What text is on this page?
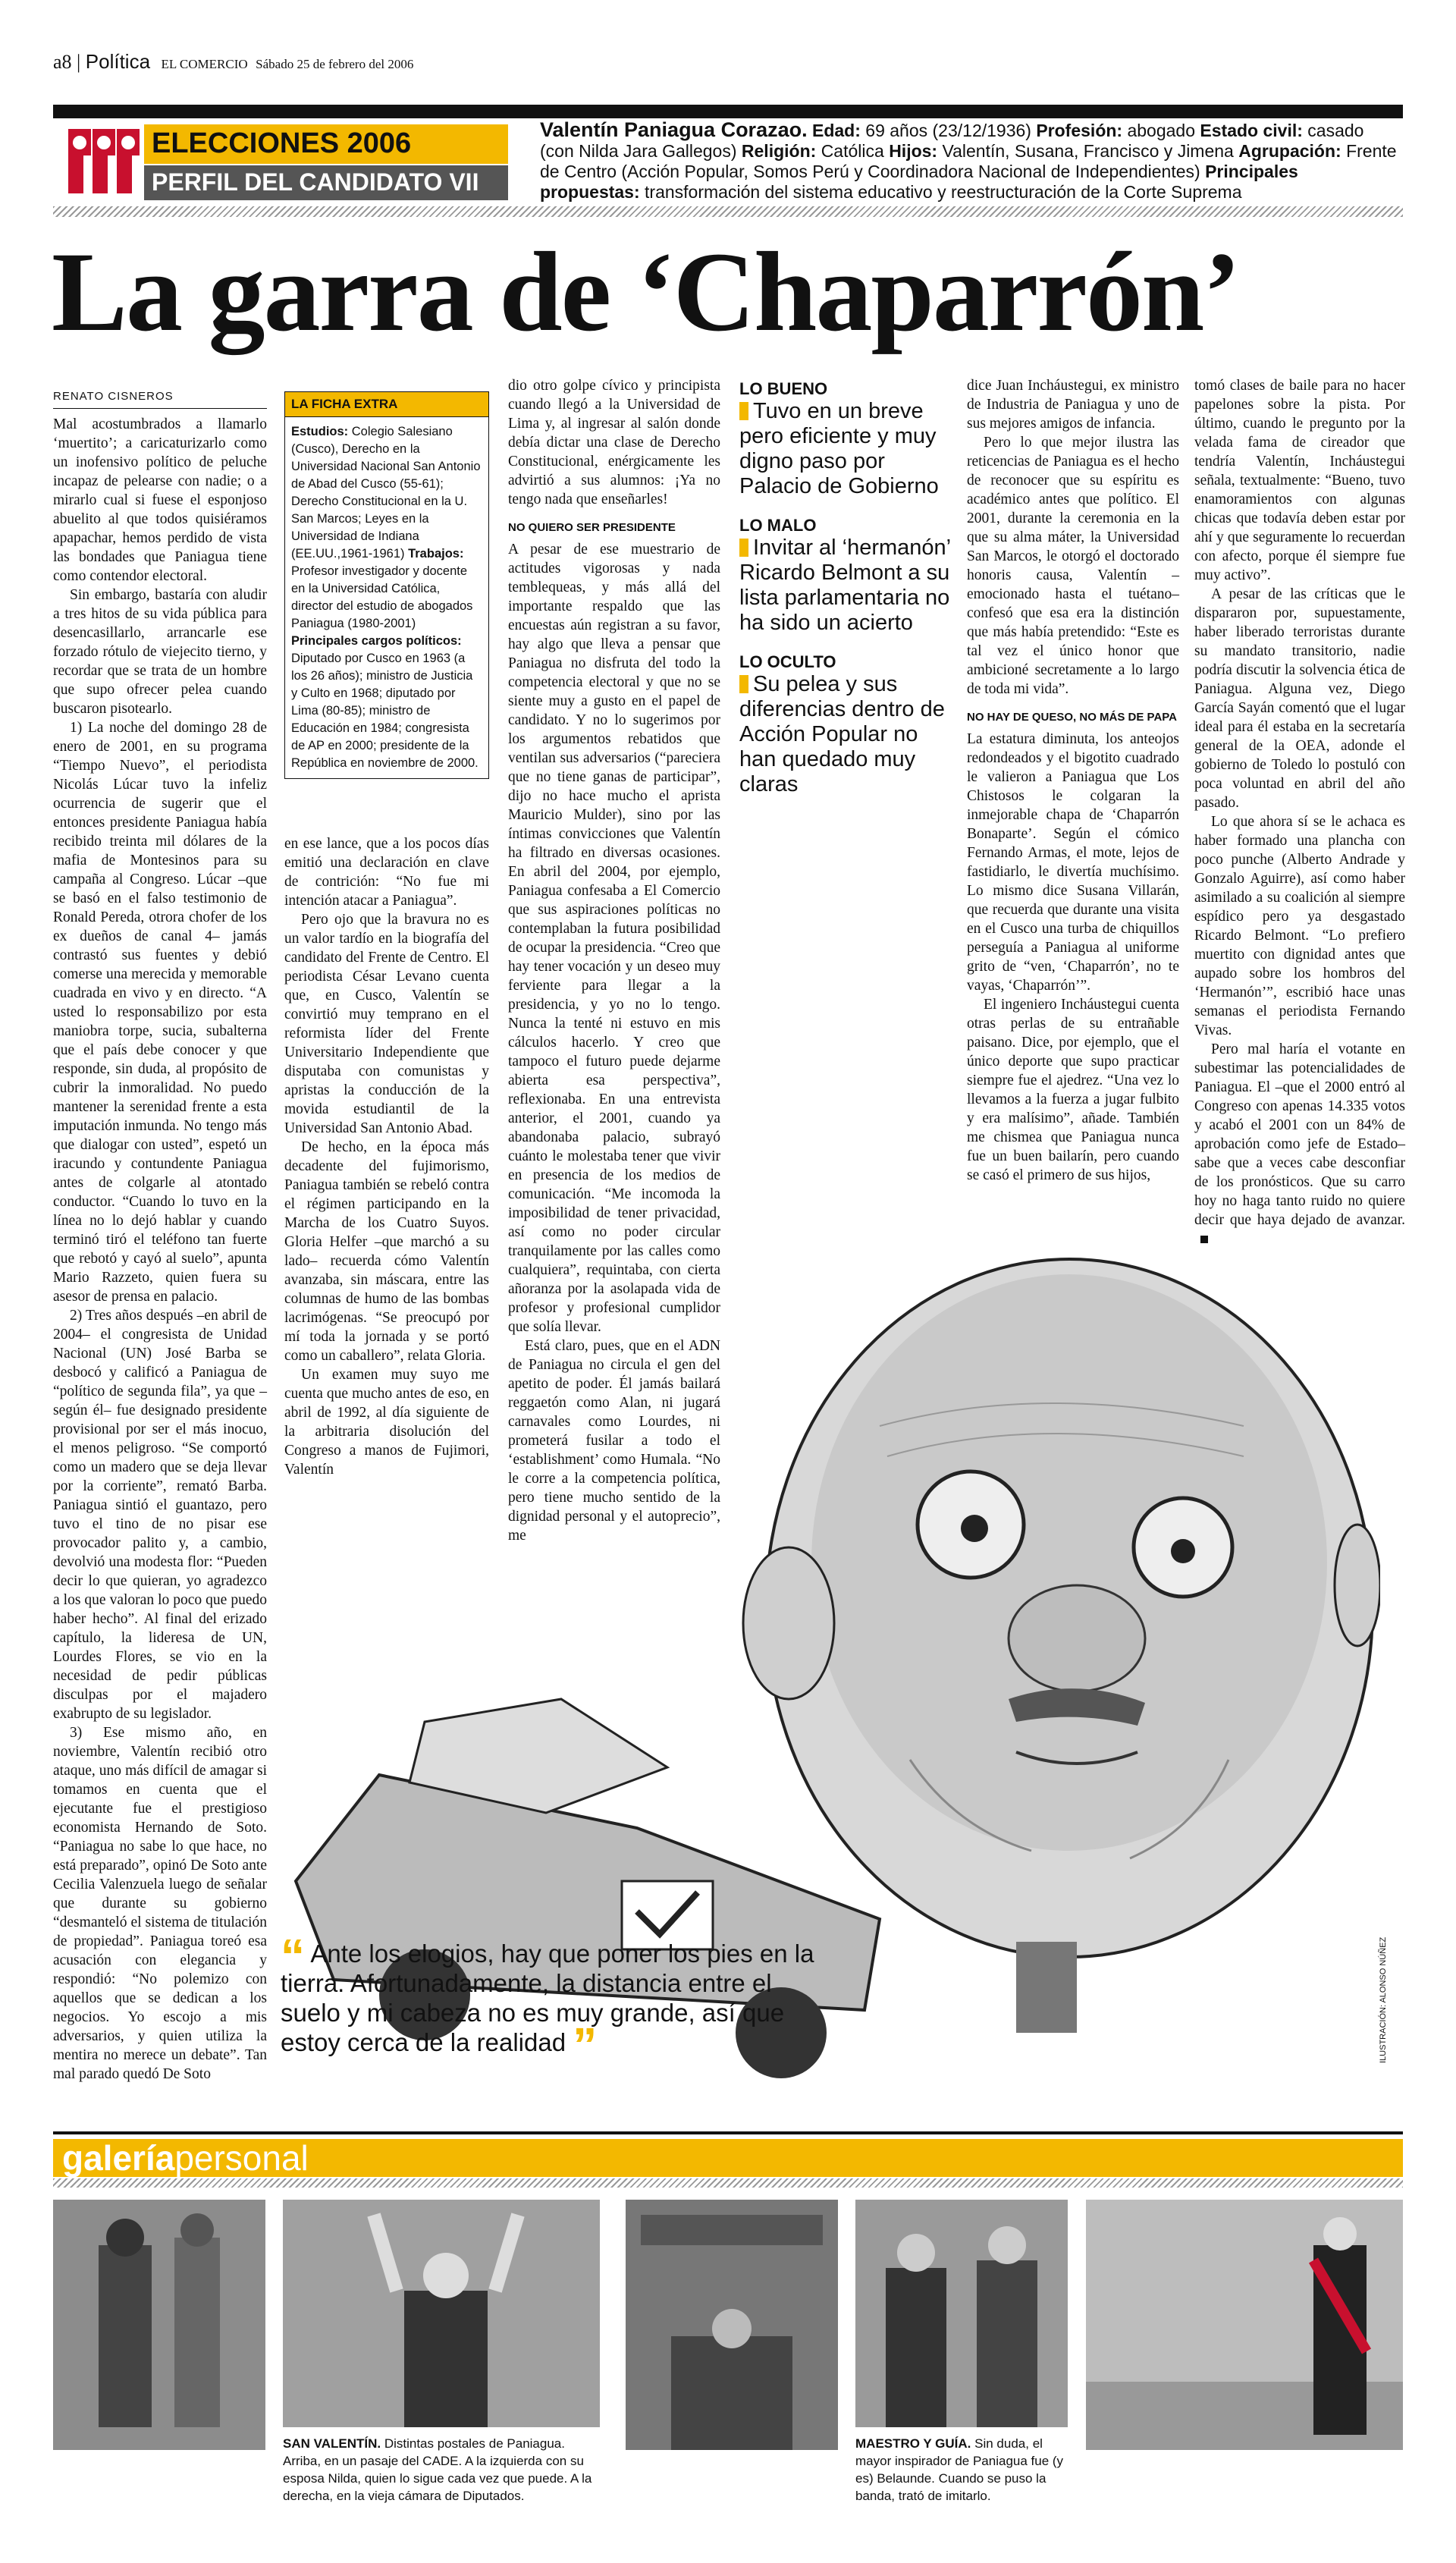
a8 | Política EL COMERCIO Sábado 25 de febrero del 2006
ELECCIONES 2006
PERFIL DEL CANDIDATO VII
Valentín Paniagua Corazao. Edad: 69 años (23/12/1936) Profesión: abogado Estado civil: casado (con Nilda Jara Gallegos) Religión: Católica Hijos: Valentín, Susana, Francisco y Jimena Agrupación: Frente de Centro (Acción Popular, Somos Perú y Coordinadora Nacional de Independientes) Principales propuestas: transformación del sistema educativo y reestructuración de la Corte Suprema
La garra de ‘Chaparrón’
RENATO CISNEROS

Mal acostumbrados a llamarlo ‘muertito’; a caricaturizarlo como un inofensivo político de peluche incapaz de pelearse con nadie; o a mirarlo cual si fuese el esponjoso abuelito al que todos quisiéramos apapachar, hemos perdido de vista las bondades que Paniagua tiene como contendor electoral.

Sin embargo, bastaría con aludir a tres hitos de su vida pública para desencasillarlo, arrancarle ese forzado rótulo de viejecito tierno, y recordar que se trata de un hombre que supo ofrecer pelea cuando buscaron pisotearlo.

1) La noche del domingo 28 de enero de 2001, en su programa “Tiempo Nuevo”, el periodista Nicolás Lúcar tuvo la infeliz ocurrencia de sugerir que el entonces presidente Paniagua había recibido treinta mil dólares de la mafia de Montesinos para su campaña al Congreso. Lúcar –que se basó en el falso testimonio de Ronald Pereda, otrora chofer de los ex dueños de canal 4– jamás contrastó sus fuentes y debió comerse una merecida y memorable cuadrada en vivo y en directo. “A usted lo responsabilizo por esta maniobra torpe, sucia, subalterna que el país debe conocer y que responde, sin duda, al propósito de cubrir la inmoralidad. No puedo mantener la serenidad frente a esta imputación inmunda. No tengo más que dialogar con usted”, espetó un iracundo y contundente Paniagua antes de colgarle al atontado conductor. “Cuando lo tuvo en la línea no lo dejó hablar y cuando terminó tiró el teléfono tan fuerte que rebotó y cayó al suelo”, apunta Mario Razzeto, quien fuera su asesor de prensa en palacio.

2) Tres años después –en abril de 2004– el congresista de Unidad Nacional (UN) José Barba se desbocó y calificó a Paniagua de “político de segunda fila”, ya que –según él– fue designado presidente provisional por ser el más inocuo, el menos peligroso. “Se comportó como un madero que se deja llevar por la corriente”, remató Barba. Paniagua sintió el guantazo, pero tuvo el tino de no pisar ese provocador palito y, a cambio, devolvió una modesta flor: “Pueden decir lo que quieran, yo agradezco a los que valoran lo poco que puedo haber hecho”. Al final del erizado capítulo, la lideresa de UN, Lourdes Flores, se vio en la necesidad de pedir públicas disculpas por el majadero exabrupto de su legislador.

3) Ese mismo año, en noviembre, Valentín recibió otro ataque, uno más difícil de amagar si tomamos en cuenta que el ejecutante fue el prestigioso economista Hernando de Soto. “Paniagua no sabe lo que hace, no está preparado”, opinó De Soto ante Cecilia Valenzuela luego de señalar que durante su gobierno “desmanteló el sistema de titulación de propiedad”. Paniagua toreó esa acusación con elegancia y respondió: “No polemizo con aquellos que se dedican a los negocios. Yo escojo a mis adversarios, y quien utiliza la mentira no merece un debate”. Tan mal parado quedó De Soto

LA FICHA EXTRA
Estudios: Colegio Salesiano (Cusco), Derecho en la Universidad Nacional San Antonio de Abad del Cusco (55-61); Derecho Constitucional en la U. San Marcos; Leyes en la Universidad de Indiana (EE.UU.,1961-1961) Trabajos: Profesor investigador y docente en la Universidad Católica, director del estudio de abogados Paniagua (1980-2001) Principales cargos políticos: Diputado por Cusco en 1963 (a los 26 años); ministro de Justicia y Culto en 1968; diputado por Lima (80-85); ministro de Educación en 1984; congresista de AP en 2000; presidente de la República en noviembre de 2000.

en ese lance, que a los pocos días emitió una declaración en clave de contrición: “No fue mi intención atacar a Paniagua”.

Pero ojo que la bravura no es un valor tardío en la biografía del candidato del Frente de Centro. El periodista César Levano cuenta que, en Cusco, Valentín se convirtió muy temprano en el reformista líder del Frente Universitario Independiente que disputaba con comunistas y apristas la conducción de la movida estudiantil de la Universidad San Antonio Abad.

De hecho, en la época más decadente del fujimorismo, Paniagua también se rebeló contra el régimen participando en la Marcha de los Cuatro Suyos. Gloria Helfer –que marchó a su lado– recuerda cómo Valentín avanzaba, sin máscara, entre las columnas de humo de las bombas lacrimógenas. “Se preocupó por mí toda la jornada y se portó como un caballero”, relata Gloria.

Un examen muy suyo me cuenta que mucho antes de eso, en abril de 1992, al día siguiente de la arbitraria disolución del Congreso a manos de Fujimori, Valentín

dio otro golpe cívico y principista cuando llegó a la Universidad de Lima y, al ingresar al salón donde debía dictar una clase de Derecho Constitucional, enérgicamente les advirtió a sus alumnos: ¡Ya no tengo nada que enseñarles!

NO QUIERO SER PRESIDENTE

A pesar de ese muestrario de actitudes vigorosas y nada temblequeas, y más allá del importante respaldo que las encuestas aún registran a su favor, hay algo que lleva a pensar que Paniagua no disfruta del todo la competencia electoral y que no se siente muy a gusto en el papel de candidato. Y no lo sugerimos por los argumentos rebatidos que ventilan sus adversarios (“pareciera que no tiene ganas de participar”, dijo no hace mucho el aprista Mauricio Mulder), sino por las íntimas convicciones que Valentín ha filtrado en diversas ocasiones. En abril del 2004, por ejemplo, Paniagua confesaba a El Comercio que sus aspiraciones políticas no contemplaban la futura posibilidad de ocupar la presidencia. “Creo que hay tener vocación y un deseo muy ferviente para llegar a la presidencia, y yo no lo tengo. Nunca la tenté ni estuvo en mis cálculos hacerlo. Y creo que tampoco el futuro puede dejarme abierta esa perspectiva”, reflexionaba. En una entrevista anterior, el 2001, cuando ya abandonaba palacio, subrayó cuánto le molestaba tener que vivir en presencia de los medios de comunicación. “Me incomoda la imposibilidad de tener privacidad, así como no poder circular tranquilamente por las calles como cualquiera”, requintaba, con cierta añoranza por la asolapada vida de profesor y profesional cumplidor que solía llevar.

Está claro, pues, que en el ADN de Paniagua no circula el gen del apetito de poder. Él jamás bailará reggaetón como Alan, ni jugará carnavales como Lourdes, ni prometerá fusilar a todo el ‘establishment’ como Humala. “No le corre a la competencia política, pero tiene mucho sentido de la dignidad personal y el autoprecio”, me

LO BUENO
Tuvo en un breve pero eficiente y muy digno paso por Palacio de Gobierno
LO MALO
Invitar al ‘hermanón’ Ricardo Belmont a su lista parlamentaria no ha sido un acierto
LO OCULTO
Su pelea y sus diferencias dentro de Acción Popular no han quedado muy claras

dice Juan Incháustegui, ex ministro de Industria de Paniagua y uno de sus mejores amigos de infancia.

Pero lo que mejor ilustra las reticencias de Paniagua es el hecho de reconocer que su espíritu es académico antes que político. El 2001, durante la ceremonia en la que su alma máter, la Universidad San Marcos, le otorgó el doctorado honoris causa, Valentín –emocionado hasta el tuétano– confesó que esa era la distinción que más había pretendido: “Este es tal vez el único honor que ambicioné secretamente a lo largo de toda mi vida”.

NO HAY DE QUESO, NO MÁS DE PAPA

La estatura diminuta, los anteojos redondeados y el bigotito cuadrado le valieron a Paniagua que Los Chistosos le colgaran la inmejorable chapa de ‘Chaparrón Bonaparte’. Según el cómico Fernando Armas, el mote, lejos de fastidiarlo, le divertía muchísimo. Lo mismo dice Susana Villarán, que recuerda que durante una visita en el Cusco una turba de chiquillos perseguía a Paniagua al uniforme grito de “ven, ‘Chaparrón’, no te vayas, ‘Chaparrón’”.

El ingeniero Incháustegui cuenta otras perlas de su entrañable paisano. Dice, por ejemplo, que el único deporte que supo practicar siempre fue el ajedrez. “Una vez lo llevamos a la fuerza a jugar fulbito y era malísimo”, añade. También me chismea que Paniagua nunca fue un buen bailarín, pero cuando se casó el primero de sus hijos,

tomó clases de baile para no hacer papelones sobre la pista. Por último, cuando le pregunto por la velada fama de cireador que tendría Valentín, Incháustegui señala, textualmente: “Bueno, tuvo enamoramientos con algunas chicas que todavía deben estar por ahí y que seguramente lo recuerdan con afecto, porque él siempre fue muy activo”.

A pesar de las críticas que le dispararon por, supuestamente, haber liberado terroristas durante su mandato transitorio, nadie podría discutir la solvencia ética de Paniagua. Alguna vez, Diego García Sayán comentó que el lugar ideal para él estaba en la secretaría general de la OEA, adonde el gobierno de Toledo lo postuló con poca voluntad en abril del año pasado.

Lo que ahora sí se le achaca es haber formado una plancha con poco punche (Alberto Andrade y Gonzalo Aguirre), así como haber asimilado a su coalición al siempre espídico pero ya desgastado Ricardo Belmont. “Lo prefiero muertito con dignidad antes que aupado sobre los hombros del ‘Hermanón’”, escribió hace unas semanas el periodista Fernando Vivas.

Pero mal haría el votante en subestimar las potencialidades de Paniagua. El –que el 2000 entró al Congreso con apenas 14.335 votos y acabó el 2001 con un 84% de aprobación como jefe de Estado– sabe que a veces cabe desconfiar de los pronósticos. Que su carro hoy no haga tanto ruido no quiere decir que haya dejado de avanzar.

“ Ante los elogios, hay que poner los pies en la tierra. Afortunadamente, la distancia entre el suelo y mi cabeza no es muy grande, así que estoy cerca de la realidad ”	ILUSTRACIÓN: ALONSO NÚÑEZ
galeríapersonal
SAN VALENTÍN. Distintas postales de Paniagua. Arriba, en un pasaje del CADE. A la izquierda con su esposa Nilda, quien lo sigue cada vez que puede. A la derecha, en la vieja cámara de Diputados.
MAESTRO Y GUÍA. Sin duda, el mayor inspirador de Paniagua fue (y es) Belaunde. Cuando se puso la banda, trató de imitarlo.
